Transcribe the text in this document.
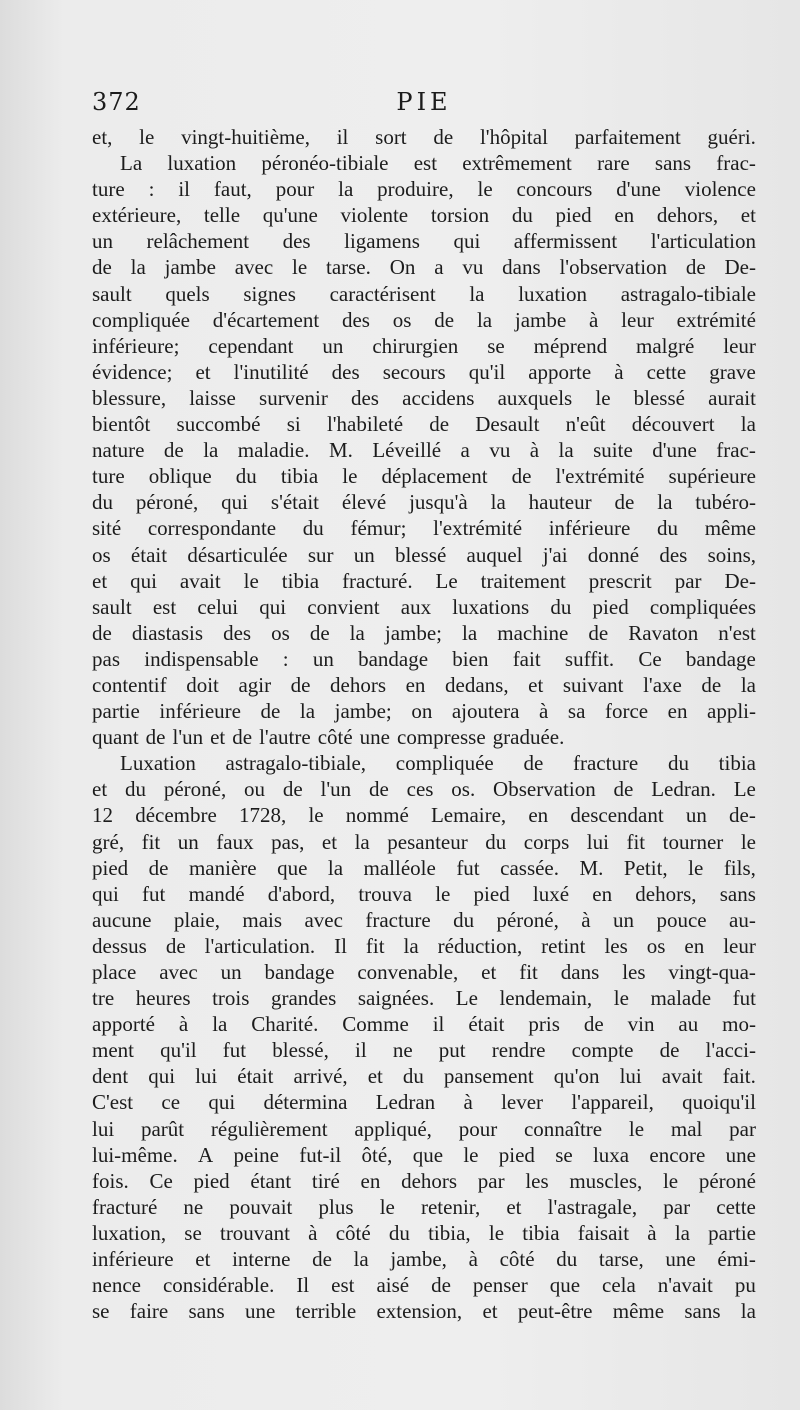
372	PIE
et, le vingt-huitième, il sort de l'hôpital parfaitement guéri.
La luxation péronéo-tibiale est extrêmement rare sans frac-
ture : il faut, pour la produire, le concours d'une violence
extérieure, telle qu'une violente torsion du pied en dehors, et
un relâchement des ligamens qui affermissent l'articulation
de la jambe avec le tarse. On a vu dans l'observation de De-
sault quels signes caractérisent la luxation astragalo-tibiale
compliquée d'écartement des os de la jambe à leur extrémité
inférieure; cependant un chirurgien se méprend malgré leur
évidence; et l'inutilité des secours qu'il apporte à cette grave
blessure, laisse survenir des accidens auxquels le blessé aurait
bientôt succombé si l'habileté de Desault n'eût découvert la
nature de la maladie. M. Léveillé a vu à la suite d'une frac-
ture oblique du tibia le déplacement de l'extrémité supérieure
du péroné, qui s'était élevé jusqu'à la hauteur de la tubéro-
sité correspondante du fémur; l'extrémité inférieure du même
os était désarticulée sur un blessé auquel j'ai donné des soins,
et qui avait le tibia fracturé. Le traitement prescrit par De-
sault est celui qui convient aux luxations du pied compliquées
de diastasis des os de la jambe; la machine de Ravaton n'est
pas indispensable : un bandage bien fait suffit. Ce bandage
contentif doit agir de dehors en dedans, et suivant l'axe de la
partie inférieure de la jambe; on ajoutera à sa force en appli-
quant de l'un et de l'autre côté une compresse graduée.
Luxation astragalo-tibiale, compliquée de fracture du tibia
et du péroné, ou de l'un de ces os. Observation de Ledran. Le
12 décembre 1728, le nommé Lemaire, en descendant un de-
gré, fit un faux pas, et la pesanteur du corps lui fit tourner le
pied de manière que la malléole fut cassée. M. Petit, le fils,
qui fut mandé d'abord, trouva le pied luxé en dehors, sans
aucune plaie, mais avec fracture du péroné, à un pouce au-
dessus de l'articulation. Il fit la réduction, retint les os en leur
place avec un bandage convenable, et fit dans les vingt-qua-
tre heures trois grandes saignées. Le lendemain, le malade fut
apporté à la Charité. Comme il était pris de vin au mo-
ment qu'il fut blessé, il ne put rendre compte de l'acci-
dent qui lui était arrivé, et du pansement qu'on lui avait fait.
C'est ce qui détermina Ledran à lever l'appareil, quoiqu'il
lui parût régulièrement appliqué, pour connaître le mal par
lui-même. A peine fut-il ôté, que le pied se luxa encore une
fois. Ce pied étant tiré en dehors par les muscles, le péroné
fracturé ne pouvait plus le retenir, et l'astragale, par cette
luxation, se trouvant à côté du tibia, le tibia faisait à la partie
inférieure et interne de la jambe, à côté du tarse, une émi-
nence considérable. Il est aisé de penser que cela n'avait pu
se faire sans une terrible extension, et peut-être même sans la
